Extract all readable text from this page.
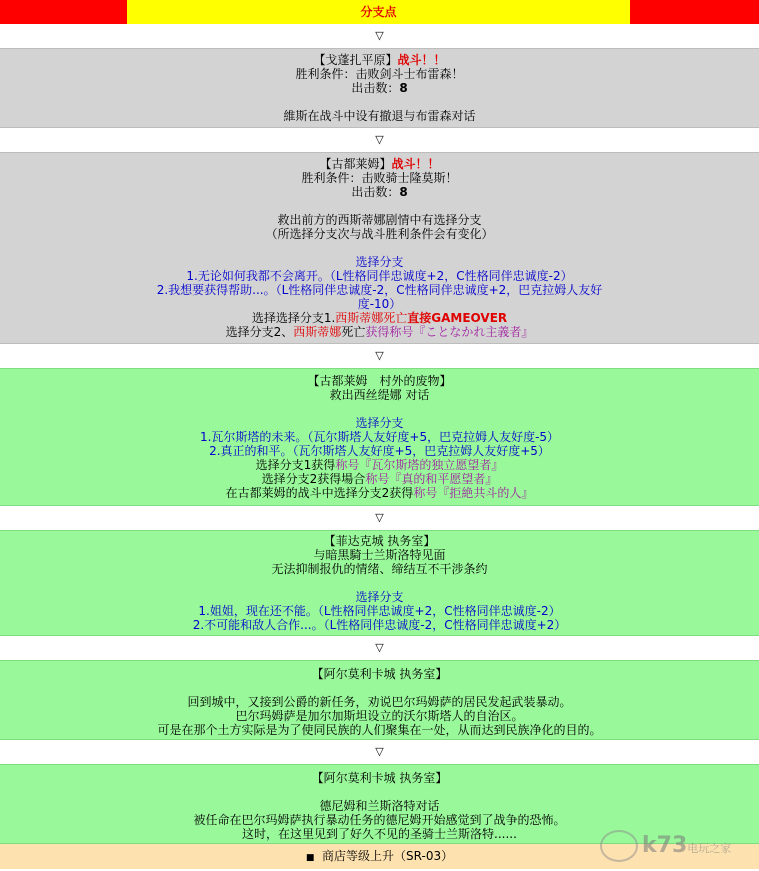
分支点
▽
【戈蓬扎平原】战斗！！
胜利条件：击败剑斗士布雷森！
出击数：8
維斯在战斗中设有撤退与布雷森对话
▽
【古都莱姆】战斗！！
胜利条件：击败骑士隆莫斯！
出击数：8
救出前方的西斯蒂娜剧情中有选择分支
（所选择分支次与战斗胜利条件会有变化）
选择分支
1.无论如何我都不会离开。（L性格同伴忠诚度+2，C性格同伴忠诚度-2）
2.我想要获得帮助...。（L性格同伴忠诚度-2，C性格同伴忠诚度+2，巴克拉姆人友好
度-10）
选择选择分支1.西斯蒂娜死亡直接GAMEOVER
选择分支2、西斯蒂娜死亡获得称号『ことなかれ主義者』
▽
【古都莱姆　村外的废物】
救出西丝缇娜 对话
选择分支
1.瓦尔斯塔的未来。（瓦尔斯塔人友好度+5，巴克拉姆人友好度-5）
2.真正的和平。（瓦尔斯塔人友好度+5，巴克拉姆人友好度+5）
选择分支1获得称号『瓦尔斯塔的独立愿望者』
选择分支2获得場合称号『真的和平愿望者』
在古都莱姆的战斗中选择分支2获得称号『拒絶共斗的人』
▽
【菲达克城 执务室】
与暗黒騎士兰斯洛特见面
无法抑制报仇的情绪、缔结互不干涉条约
选择分支
1.姐姐，现在还不能。（L性格同伴忠诚度+2，C性格同伴忠诚度-2）
2.不可能和敌人合作...。（L性格同伴忠诚度-2，C性格同伴忠诚度+2）
▽
【阿尔莫利卡城 执务室】
回到城中，又接到公爵的新任务，劝说巴尔玛姆萨的居民发起武装暴动。
巴尔玛姆萨是加尔加斯坦设立的沃尔斯塔人的自治区。
可是在那个土方实际是为了使同民族的人们聚集在一处，从而达到民族净化的目的。
▽
【阿尔莫利卡城 执务室】
德尼姆和兰斯洛特对话
被任命在巴尔玛姆萨执行暴动任务的德尼姆开始感觉到了战争的恐怖。
这时，在这里见到了好久不见的圣骑士兰斯洛特......
■ 商店等级上升（SR-03）	k73电玩之家
